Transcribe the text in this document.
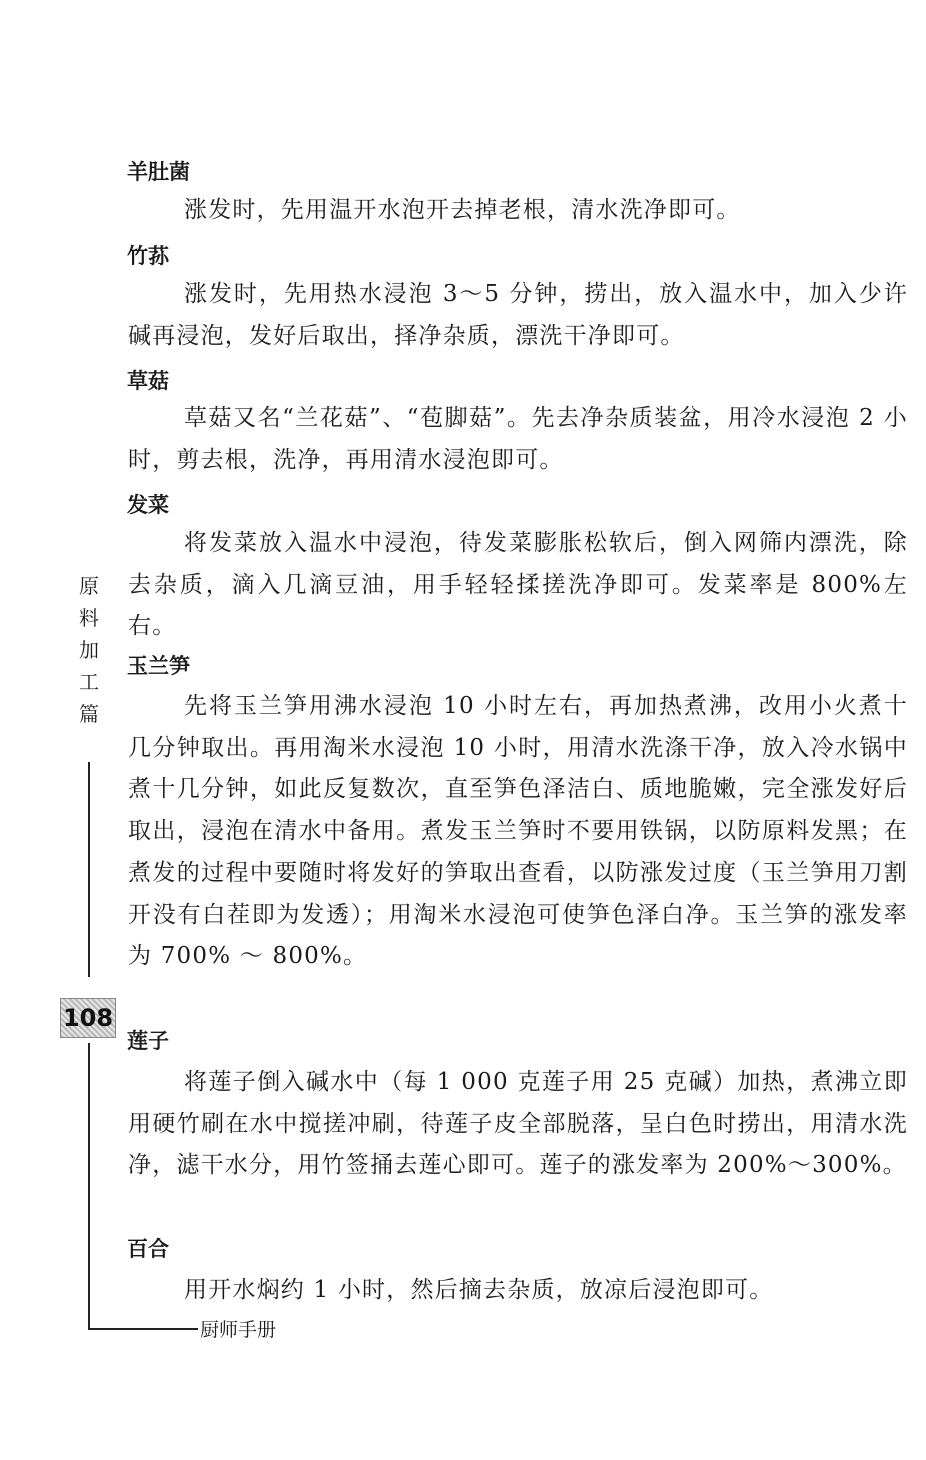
羊肚菌
涨发时，先用温开水泡开去掉老根，清水洗净即可。
竹荪
涨发时，先用热水浸泡 3～5 分钟，捞出，放入温水中，加入少许碱再浸泡，发好后取出，择净杂质，漂洗干净即可。
草菇
草菇又名“兰花菇”、“苞脚菇”。先去净杂质装盆，用冷水浸泡 2 小时，剪去根，洗净，再用清水浸泡即可。
发菜
将发菜放入温水中浸泡，待发菜膨胀松软后，倒入网筛内漂洗，除去杂质，滴入几滴豆油，用手轻轻揉搓洗净即可。发菜率是 800%左右。
玉兰笋
先将玉兰笋用沸水浸泡 10 小时左右，再加热煮沸，改用小火煮十几分钟取出。再用淘米水浸泡 10 小时，用清水洗涤干净，放入冷水锅中煮十几分钟，如此反复数次，直至笋色泽洁白、质地脆嫩，完全涨发好后取出，浸泡在清水中备用。煮发玉兰笋时不要用铁锅，以防原料发黑；在煮发的过程中要随时将发好的笋取出查看，以防涨发过度（玉兰笋用刀割开没有白茬即为发透）；用淘米水浸泡可使笋色泽白净。玉兰笋的涨发率为 700% ～ 800%。
莲子
将莲子倒入碱水中（每 1 000 克莲子用 25 克碱）加热，煮沸立即用硬竹刷在水中搅搓冲刷，待莲子皮全部脱落，呈白色时捞出，用清水洗净，滤干水分，用竹签捅去莲心即可。莲子的涨发率为 200%～300%。
百合
用开水焖约 1 小时，然后摘去杂质，放凉后浸泡即可。
原
料
加
工
篇
108
厨师手册
